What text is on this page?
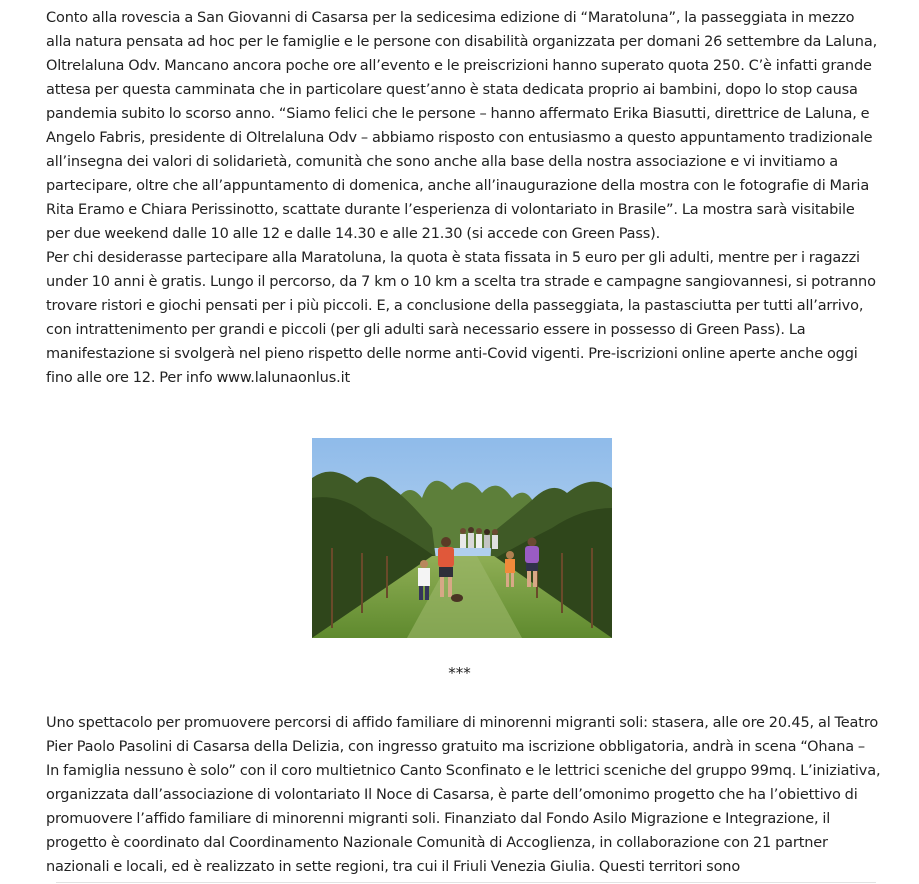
Conto alla rovescia a San Giovanni di Casarsa per la sedicesima edizione di “Maratoluna”, la passeggiata in mezzo alla natura pensata ad hoc per le famiglie e le persone con disabilità organizzata per domani 26 settembre da Laluna, Oltrelaluna Odv. Mancano ancora poche ore all’evento e le preiscrizioni hanno superato quota 250. C’è infatti grande attesa per questa camminata che in particolare quest’anno è stata dedicata proprio ai bambini, dopo lo stop causa pandemia subito lo scorso anno. “Siamo felici che le persone – hanno affermato Erika Biasutti, direttrice de Laluna, e Angelo Fabris, presidente di Oltrelaluna Odv – abbiamo risposto con entusiasmo a questo appuntamento tradizionale all’insegna dei valori di solidarietà, comunità che sono anche alla base della nostra associazione e vi invitiamo a partecipare, oltre che all’appuntamento di domenica, anche all’inaugurazione della mostra con le fotografie di Maria Rita Eramo e Chiara Perissinotto, scattate durante l’esperienza di volontariato in Brasile”. La mostra sarà visitabile per due weekend dalle 10 alle 12 e dalle 14.30 e alle 21.30 (si accede con Green Pass).

Per chi desiderasse partecipare alla Maratoluna, la quota è stata fissata in 5 euro per gli adulti, mentre per i ragazzi under 10 anni è gratis. Lungo il percorso, da 7 km o 10 km a scelta tra strade e campagne sangiovannesi, si potranno trovare ristori e giochi pensati per i più piccoli. E, a conclusione della passeggiata, la pastasciutta per tutti all’arrivo, con intrattenimento per grandi e piccoli (per gli adulti sarà necessario essere in possesso di Green Pass). La manifestazione si svolgerà nel pieno rispetto delle norme anti-Covid vigenti. Pre-iscrizioni online aperte anche oggi fino alle ore 12. Per info www.lalunaonlus.it

***

Uno spettacolo per promuovere percorsi di affido familiare di minorenni migranti soli: stasera, alle ore 20.45, al Teatro Pier Paolo Pasolini di Casarsa della Delizia, con ingresso gratuito ma iscrizione obbligatoria, andrà in scena “Ohana – In famiglia nessuno è solo” con il coro multietnico Canto Sconfinato e le lettrici sceniche del gruppo 99mq. L’iniziativa, organizzata dall’associazione di volontariato Il Noce di Casarsa, è parte dell’omonimo progetto che ha l’obiettivo di promuovere l’affido familiare di minorenni migranti soli. Finanziato dal Fondo Asilo Migrazione e Integrazione, il progetto è coordinato dal Coordinamento Nazionale Comunità di Accoglienza, in collaborazione con 21 partner nazionali e locali, ed è realizzato in sette regioni, tra cui il Friuli Venezia Giulia. Questi territori sono
